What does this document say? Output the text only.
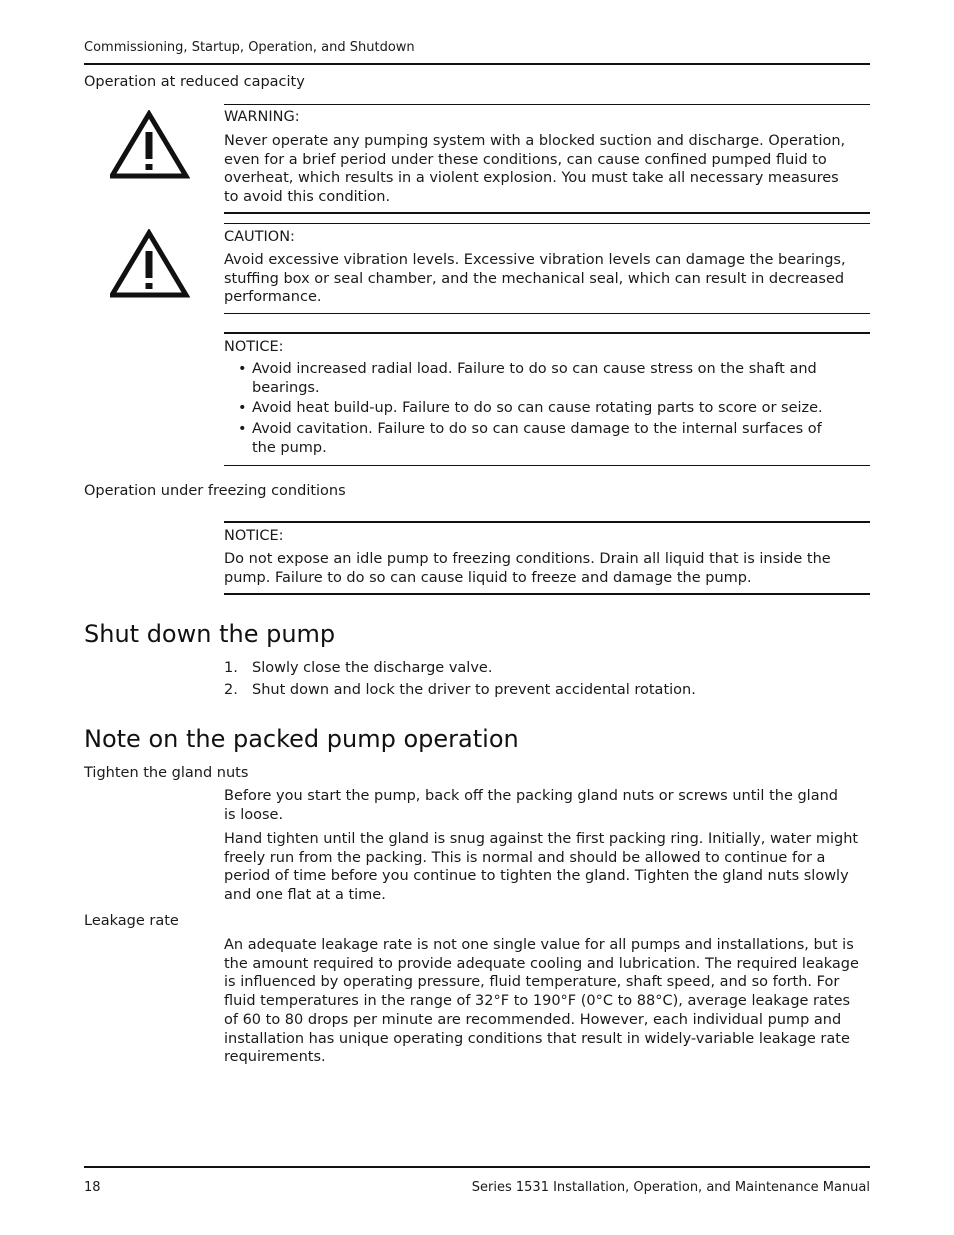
Commissioning, Startup, Operation, and Shutdown
Operation at reduced capacity
WARNING:

Never operate any pumping system with a blocked suction and discharge. Operation, even for a brief period under these conditions, can cause confined pumped fluid to overheat, which results in a violent explosion. You must take all necessary measures to avoid this condition.

CAUTION:

Avoid excessive vibration levels. Excessive vibration levels can damage the bearings, stuffing box or seal chamber, and the mechanical seal, which can result in decreased performance.

NOTICE:
• Avoid increased radial load. Failure to do so can cause stress on the shaft and bearings.
• Avoid heat build-up. Failure to do so can cause rotating parts to score or seize.
• Avoid cavitation. Failure to do so can cause damage to the internal surfaces of the pump.
Operation under freezing conditions
NOTICE:

Do not expose an idle pump to freezing conditions. Drain all liquid that is inside the pump. Failure to do so can cause liquid to freeze and damage the pump.

Shut down the pump
1. Slowly close the discharge valve.
2. Shut down and lock the driver to prevent accidental rotation.
Note on the packed pump operation
Tighten the gland nuts

Before you start the pump, back off the packing gland nuts or screws until the gland is loose.

Hand tighten until the gland is snug against the first packing ring. Initially, water might freely run from the packing. This is normal and should be allowed to continue for a period of time before you continue to tighten the gland. Tighten the gland nuts slowly and one flat at a time.

Leakage rate

An adequate leakage rate is not one single value for all pumps and installations, but is the amount required to provide adequate cooling and lubrication. The required leakage is influenced by operating pressure, fluid temperature, shaft speed, and so forth. For fluid temperatures in the range of 32°F to 190°F (0°C to 88°C), average leakage rates of 60 to 80 drops per minute are recommended. However, each individual pump and installation has unique operating conditions that result in widely-variable leakage rate requirements.

18	Series 1531 Installation, Operation, and Maintenance Manual
